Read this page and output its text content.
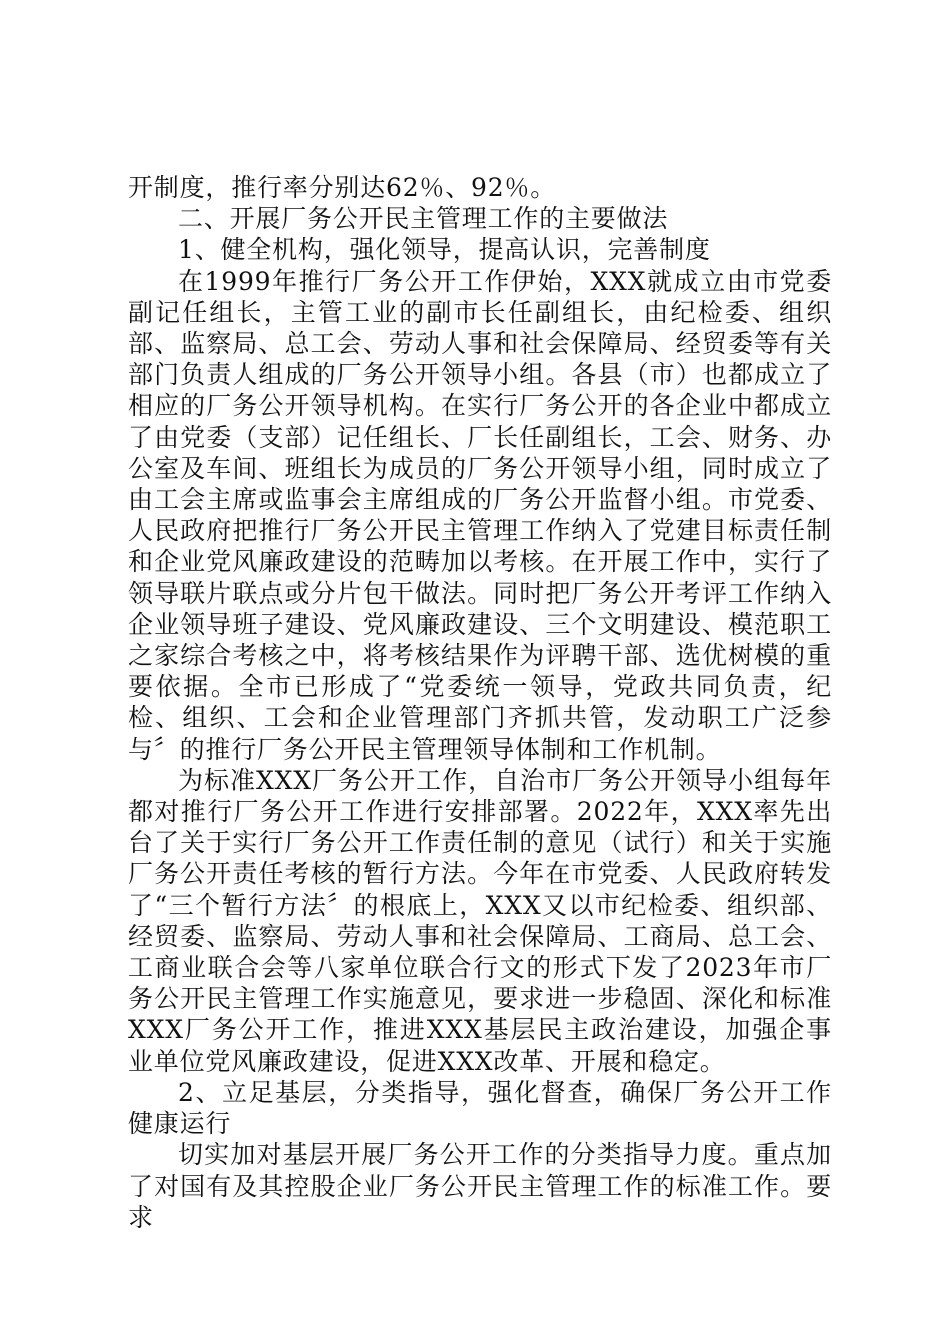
开制度，推行率分别达62％、92％。

二、开展厂务公开民主管理工作的主要做法

1、健全机构，强化领导，提高认识，完善制度

在1999年推行厂务公开工作伊始，XXX就成立由市党委副记任组长，主管工业的副市长任副组长，由纪检委、组织部、监察局、总工会、劳动人事和社会保障局、经贸委等有关部门负责人组成的厂务公开领导小组。各县（市）也都成立了相应的厂务公开领导机构。在实行厂务公开的各企业中都成立了由党委（支部）记任组长、厂长任副组长，工会、财务、办公室及车间、班组长为成员的厂务公开领导小组，同时成立了由工会主席或监事会主席组成的厂务公开监督小组。市党委、人民政府把推行厂务公开民主管理工作纳入了党建目标责任制和企业党风廉政建设的范畴加以考核。在开展工作中，实行了领导联片联点或分片包干做法。同时把厂务公开考评工作纳入企业领导班子建设、党风廉政建设、三个文明建设、模范职工之家综合考核之中，将考核结果作为评聘干部、选优树模的重要依据。全市已形成了“党委统一领导，党政共同负责，纪检、组织、工会和企业管理部门齐抓共管，发动职工广泛参与〞的推行厂务公开民主管理领导体制和工作机制。

为标准XXX厂务公开工作，自治市厂务公开领导小组每年都对推行厂务公开工作进行安排部署。2022年，XXX率先出台了关于实行厂务公开工作责任制的意见（试行）和关于实施厂务公开责任考核的暂行方法。今年在市党委、人民政府转发了“三个暂行方法〞的根底上，XXX又以市纪检委、组织部、经贸委、监察局、劳动人事和社会保障局、工商局、总工会、工商业联合会等八家单位联合行文的形式下发了2023年市厂务公开民主管理工作实施意见，要求进一步稳固、深化和标准XXX厂务公开工作，推进XXX基层民主政治建设，加强企事业单位党风廉政建设，促进XXX改革、开展和稳定。

2、立足基层，分类指导，强化督查，确保厂务公开工作健康运行

切实加对基层开展厂务公开工作的分类指导力度。重点加了对国有及其控股企业厂务公开民主管理工作的标准工作。要求
